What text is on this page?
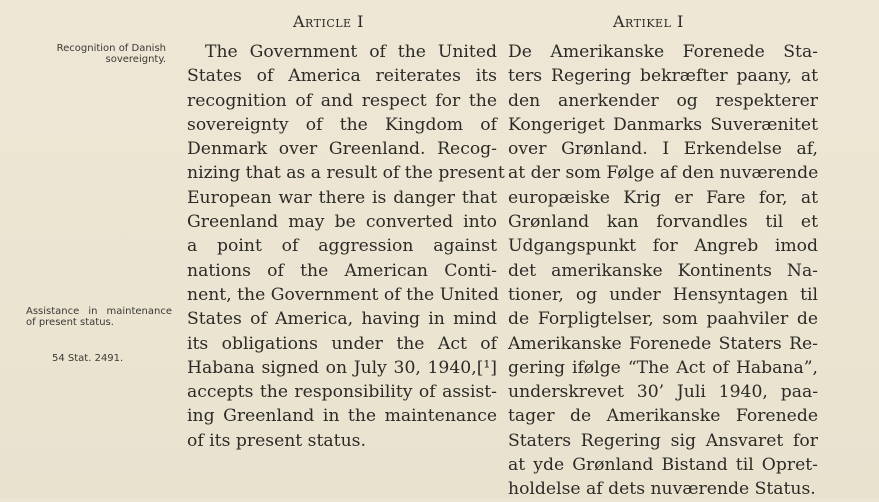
Recognition of Danish sovereignty.
Assistance in maintenance of present status.
54 Stat. 2491.
Article I	Artikel I
The Government of the United
States of America reiterates its
recognition of and respect for the
sovereignty of the Kingdom of
Denmark over Greenland. Recog-
nizing that as a result of the present
European war there is danger that
Greenland may be converted into
a point of aggression against
nations of the American Conti-
nent, the Government of the United
States of America, having in mind
its obligations under the Act of
Habana signed on July 30, 1940,[¹]
accepts the responsibility of assist-
ing Greenland in the maintenance
of its present status.
De Amerikanske Forenede Sta-
ters Regering bekræfter paany, at
den anerkender og respekterer
Kongeriget Danmarks Suverænitet
over Grønland. I Erkendelse af,
at der som Følge af den nuværende
europæiske Krig er Fare for, at
Grønland kan forvandles til et
Udgangspunkt for Angreb imod
det amerikanske Kontinents Na-
tioner, og under Hensyntagen til
de Forpligtelser, som paahviler de
Amerikanske Forenede Staters Re-
gering ifølge “The Act of Habana”,
underskrevet 30’ Juli 1940, paa-
tager de Amerikanske Forenede
Staters Regering sig Ansvaret for
at yde Grønland Bistand til Opret-
holdelse af dets nuværende Status.
